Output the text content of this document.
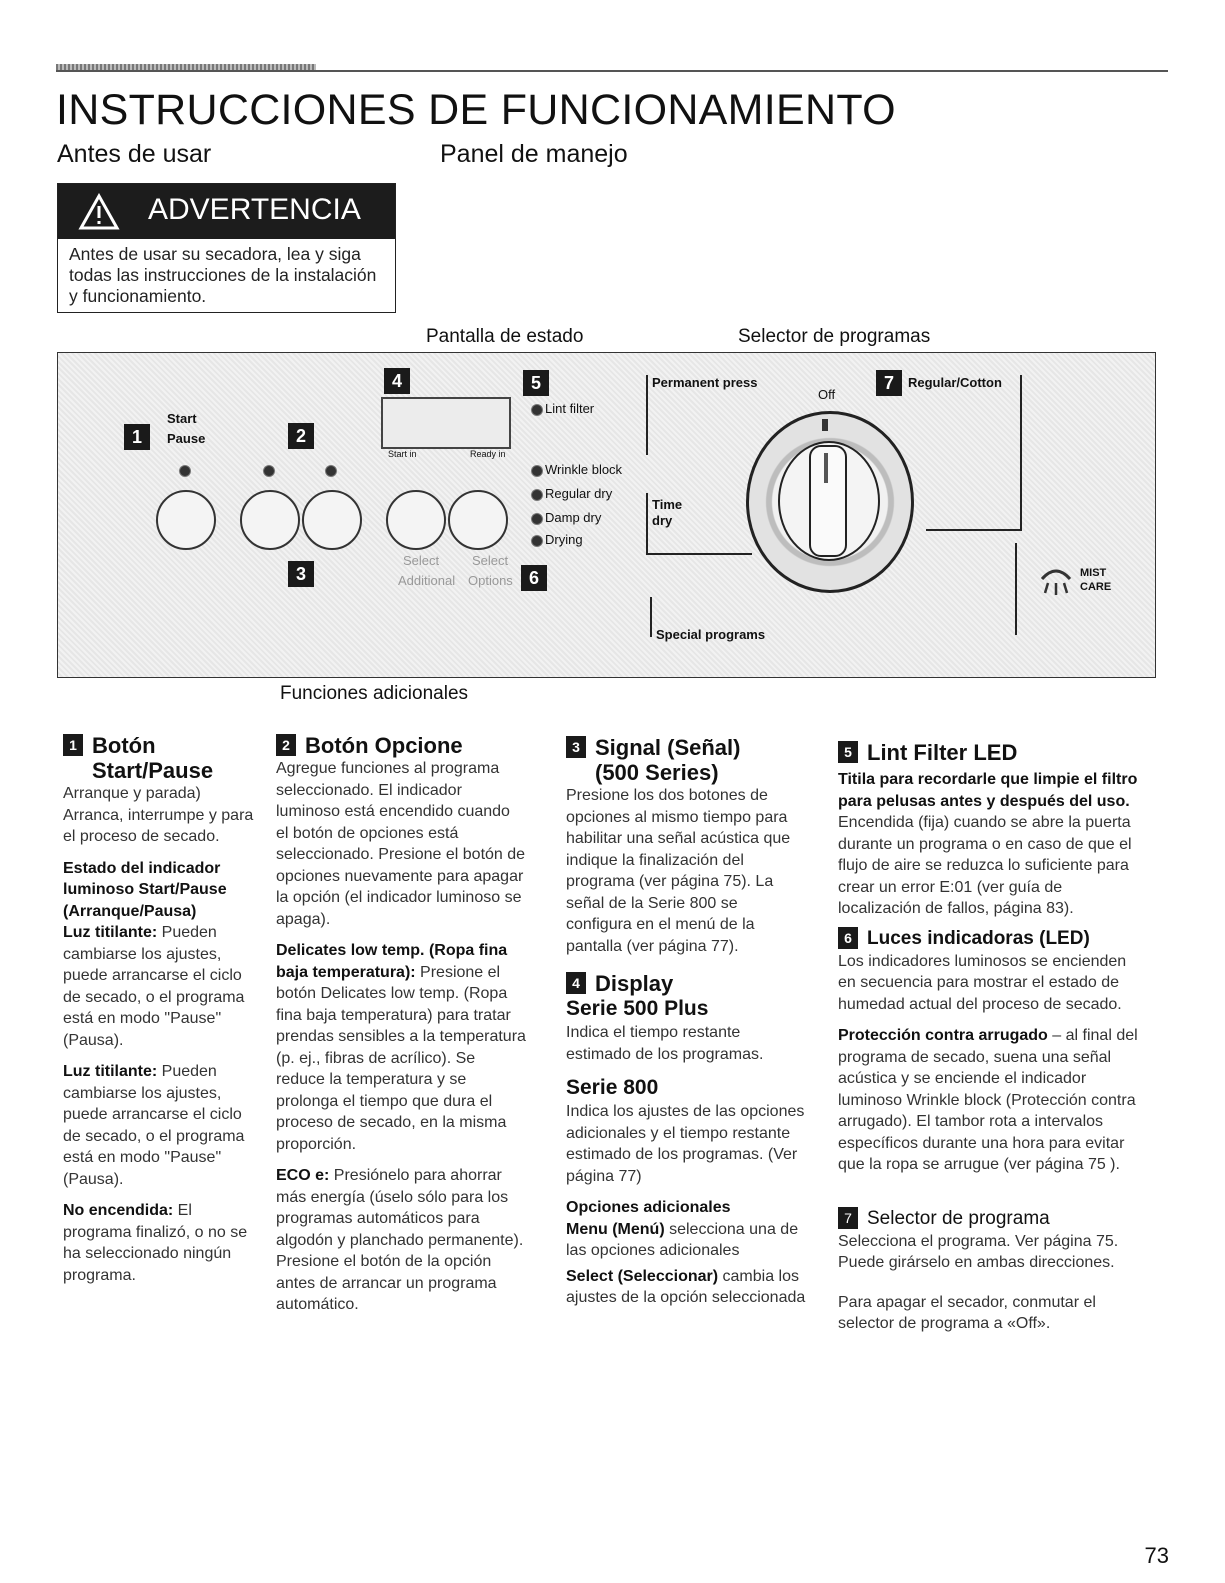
INSTRUCCIONES DE FUNCIONAMIENTO
Antes de usar	Panel de manejo
ADVERTENCIA
Antes de usar su secadora, lea y siga todas las instrucciones de la instalación y funcionamiento.
Pantalla de estado	Selector de programas
1
Start
Pause	2
3
Select	Select
Additional Options
4
Start in	Ready in
5
Lint filter
Wrinkle block
Regular dry
Damp dry
Drying
6
Permanent press
Off
7	Regular/Cotton
Time
dry
Special programs
MIST
CARE
Funciones adicionales
1 Botón
Start/Pause

Arranque y parada) Arranca, interrumpe y para el proceso de secado.

Estado del indicador luminoso Start/Pause (Arranque/Pausa)

Luz titilante: Pueden cambiarse los ajustes, puede arrancarse el ciclo de secado, o el programa está en modo "Pause" (Pausa).

Luz titilante: Pueden cambiarse los ajustes, puede arrancarse el ciclo de secado, o el programa está en modo "Pause" (Pausa).

No encendida: El programa finalizó, o no se ha seleccionado ningún programa.

2 Botón Opcione

Agregue funciones al programa seleccionado. El indicador luminoso está encendido cuando el botón de opciones está seleccionado. Presione el botón de opciones nuevamente para apagar la opción (el indicador luminoso se apaga).

Delicates low temp. (Ropa fina baja temperatura): Presione el botón Delicates low temp. (Ropa fina baja temperatura) para tratar prendas sensibles a la temperatura (p. ej., fibras de acrílico). Se reduce la temperatura y se prolonga el tiempo que dura el proceso de secado, en la misma proporción.

ECO e: Presiónelo para ahorrar más energía (úselo sólo para los programas automáticos para algodón y planchado permanente). Presione el botón de la opción antes de arrancar un programa automático.

3 Signal (Señal)
(500 Series)

Presione los dos botones de opciones al mismo tiempo para habilitar una señal acústica que indique la finalización del programa (ver página 75). La señal de la Serie 800 se configura en el menú de la pantalla (ver página 77).

4 Display

Serie 500 Plus

Indica el tiempo restante estimado de los programas.

Serie 800

Indica los ajustes de las opciones adicionales y el tiempo restante estimado de los programas. (Ver página 77)

Opciones adicionales

Menu (Menú) selecciona una de las opciones adicionales

Select (Seleccionar) cambia los ajustes de la opción seleccionada

5 Lint Filter LED

Titila para recordarle que limpie el filtro para pelusas antes y después del uso. Encendida (fija) cuando se abre la puerta durante un programa o en caso de que el flujo de aire se reduzca lo suficiente para crear un error E:01 (ver guía de localización de fallos, página 83).

6 Luces indicadoras (LED)

Los indicadores luminosos se encienden en secuencia para mostrar el estado de humedad actual del proceso de secado.

Protección contra arrugado – al final del programa de secado, suena una señal acústica y se enciende el indicador luminoso Wrinkle block (Protección contra arrugado). El tambor rota a intervalos específicos durante una hora para evitar que la ropa se arrugue (ver página 75 ).

7 Selector de programa

Selecciona el programa. Ver página 75. Puede girárselo en ambas direcciones.

Para apagar el secador, conmutar el selector de programa a «Off».

73
